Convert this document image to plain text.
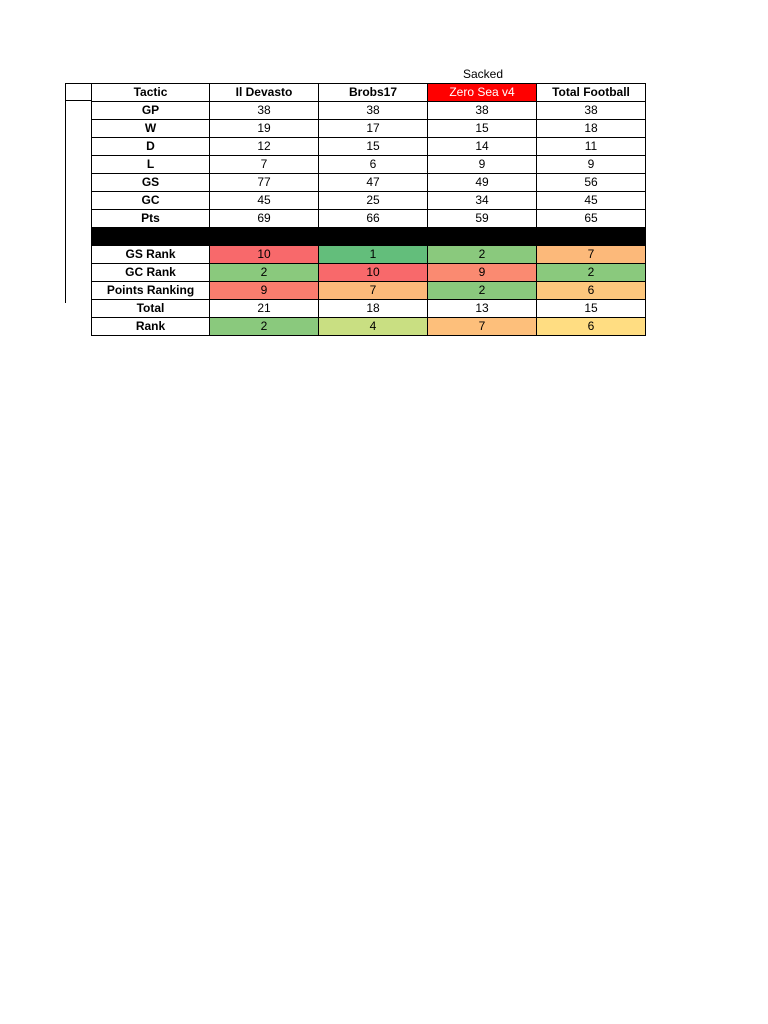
Sacked
Tactic	Il Devasto	Brobs17	Zero Sea v4	Total Football
GP	38	38	38	38
W	19	17	15	18
D	12	15	14	11
L	7	6	9	9
GS	77	47	49	56
GC	45	25	34	45
Pts	69	66	59	65

GS Rank	10	1	2	7
GC Rank	2	10	9	2
Points Ranking	9	7	2	6
Total	21	18	13	15
Rank	2	4	7	6
